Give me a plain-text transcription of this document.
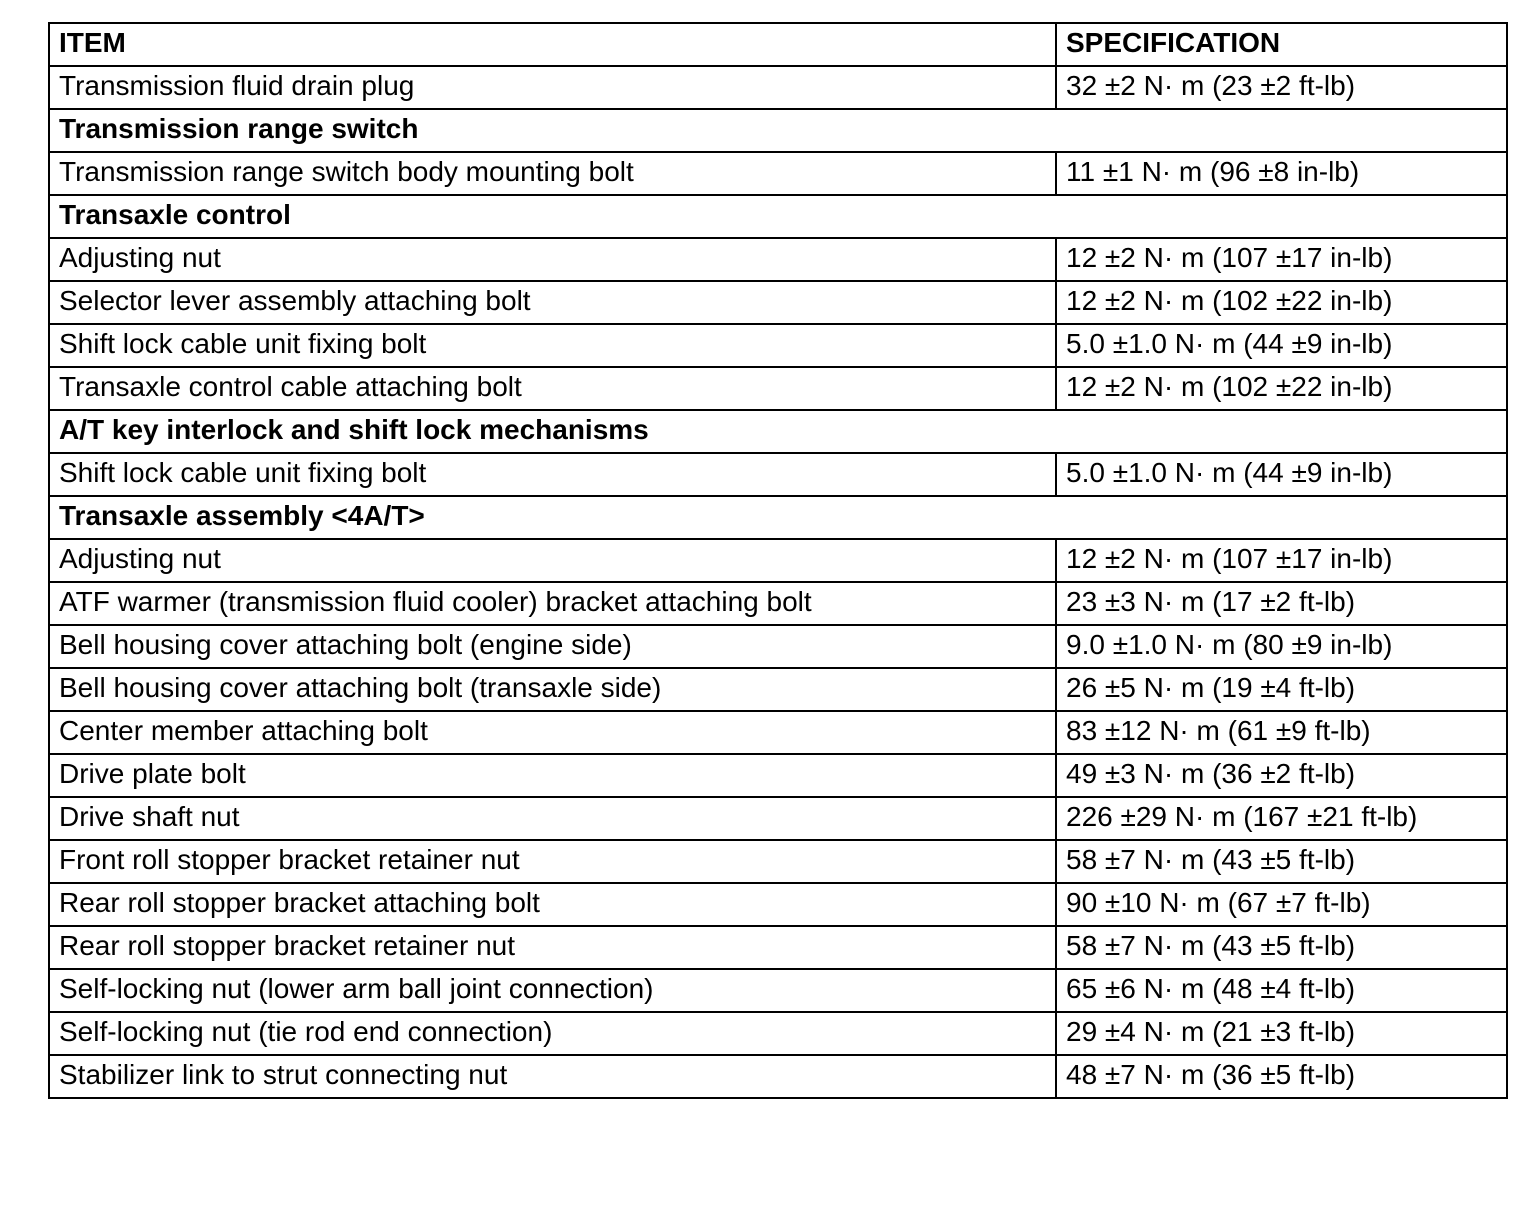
ITEM	SPECIFICATION
Transmission fluid drain plug	32 ±2 N· m (23 ±2 ft-lb)
Transmission range switch	
Transmission range switch body mounting bolt	11 ±1 N· m (96 ±8 in-lb)
Transaxle control	
Adjusting nut	12 ±2 N· m (107 ±17 in-lb)
Selector lever assembly attaching bolt	12 ±2 N· m (102 ±22 in-lb)
Shift lock cable unit fixing bolt	5.0 ±1.0 N· m (44 ±9 in-lb)
Transaxle control cable attaching bolt	12 ±2 N· m (102 ±22 in-lb)
A/T key interlock and shift lock mechanisms	
Shift lock cable unit fixing bolt	5.0 ±1.0 N· m (44 ±9 in-lb)
Transaxle assembly <4A/T>	
Adjusting nut	12 ±2 N· m (107 ±17 in-lb)
ATF warmer (transmission fluid cooler) bracket attaching bolt	23 ±3 N· m (17 ±2 ft-lb)
Bell housing cover attaching bolt (engine side)	9.0 ±1.0 N· m (80 ±9 in-lb)
Bell housing cover attaching bolt (transaxle side)	26 ±5 N· m (19 ±4 ft-lb)
Center member attaching bolt	83 ±12 N· m (61 ±9 ft-lb)
Drive plate bolt	49 ±3 N· m (36 ±2 ft-lb)
Drive shaft nut	226 ±29 N· m (167 ±21 ft-lb)
Front roll stopper bracket retainer nut	58 ±7 N· m (43 ±5 ft-lb)
Rear roll stopper bracket attaching bolt	90 ±10 N· m (67 ±7 ft-lb)
Rear roll stopper bracket retainer nut	58 ±7 N· m (43 ±5 ft-lb)
Self-locking nut (lower arm ball joint connection)	65 ±6 N· m (48 ±4 ft-lb)
Self-locking nut (tie rod end connection)	29 ±4 N· m (21 ±3 ft-lb)
Stabilizer link to strut connecting nut	48 ±7 N· m (36 ±5 ft-lb)
